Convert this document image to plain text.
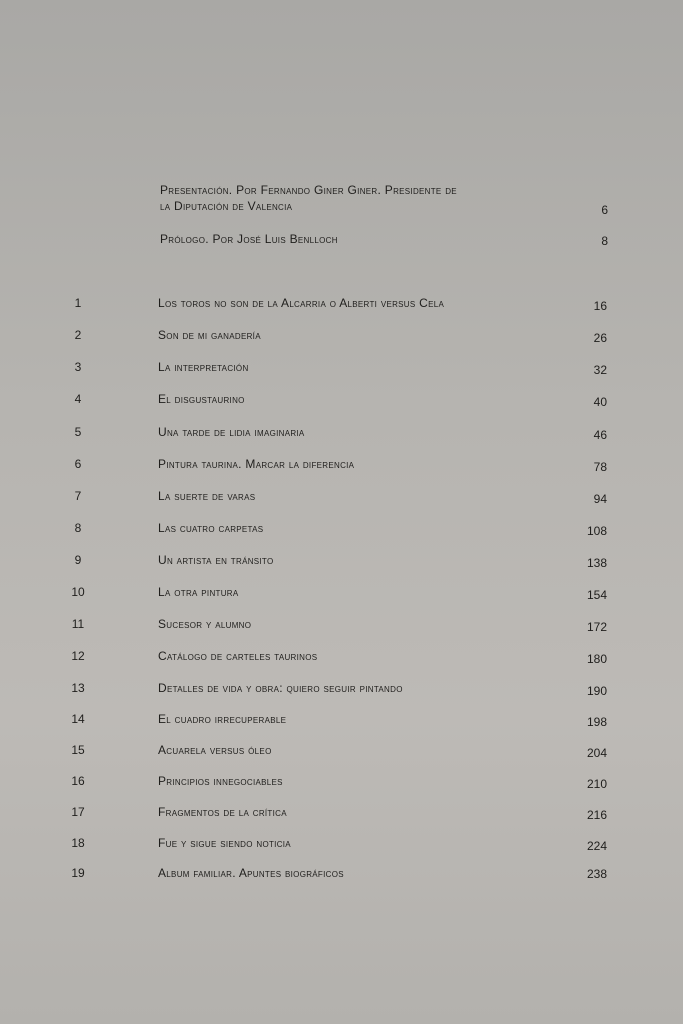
Presentación. Por Fernando Giner Giner. Presidente de
la Diputación de Valencia	6
Prólogo. Por José Luis Benlloch	8
1	Los toros no son de la Alcarria o Alberti versus Cela	16
2	Son de mi ganadería	26
3	La interpretación	32
4	El disgustaurino	40
5	Una tarde de lidia imaginaria	46
6	Pintura taurina. Marcar la diferencia	78
7	La suerte de varas	94
8	Las cuatro carpetas	108
9	Un artista en tránsito	138
10	La otra pintura	154
11	Sucesor y alumno	172
12	Catálogo de carteles taurinos	180
13	Detalles de vida y obra: quiero seguir pintando	190
14	El cuadro irrecuperable	198
15	Acuarela versus óleo	204
16	Principios innegociables	210
17	Fragmentos de la crítica	216
18	Fue y sigue siendo noticia	224
19	Album familiar. Apuntes biográficos	238
